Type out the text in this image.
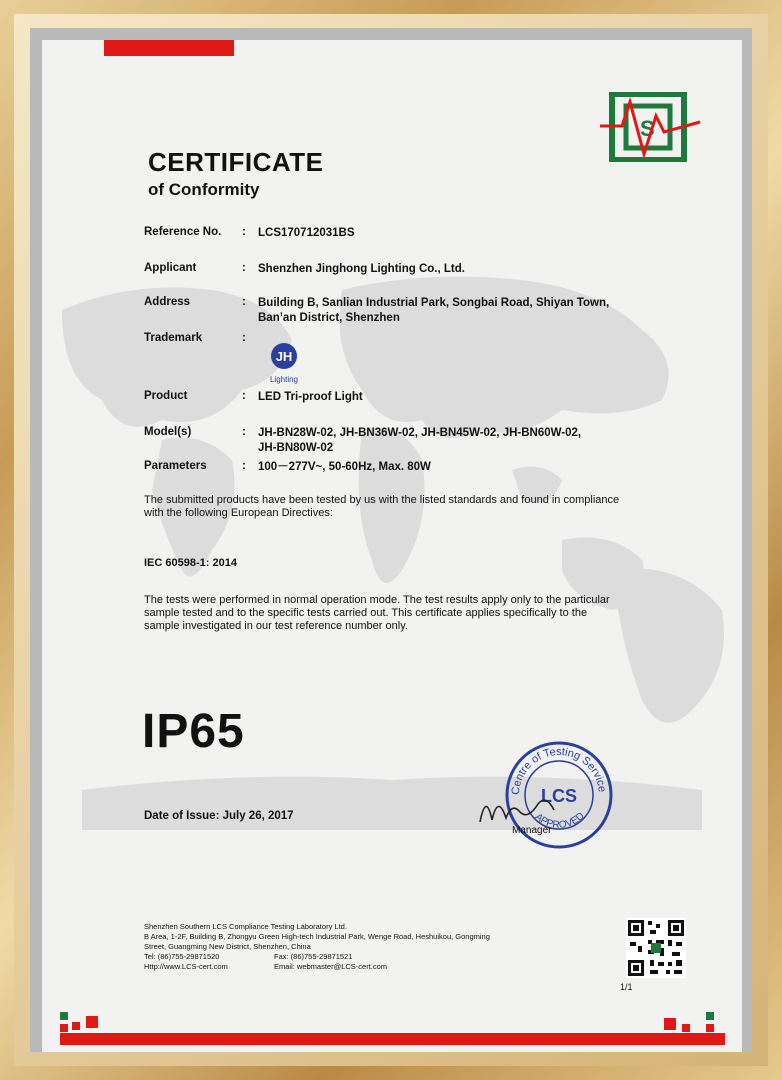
S
CERTIFICATE
of Conformity
Reference No. : LCS170712031BS
Applicant	: Shenzhen Jinghong Lighting Co., Ltd.
Address	: Building B, Sanlian Industrial Park, Songbai Road, Shiyan Town,
Ban’an District, Shenzhen
Trademark	:
JH
Lighting
Product	: LED Tri-proof Light
Model(s)	: JH-BN28W-02, JH-BN36W-02, JH-BN45W-02, JH-BN60W-02,
JH-BN80W-02
Parameters	: 100－277V~, 50-60Hz, Max. 80W
The submitted products have been tested by us with the listed standards and found in compliance with the following European Directives:
IEC 60598-1: 2014
The tests were performed in normal operation mode. The test results apply only to the particular sample tested and to the specific tests carried out. This certificate applies specifically to the sample investigated in our test reference number only.
IP65
Centre of Testing Service
APPROVED
LCS
Manager
Date of Issue: July 26, 2017
Shenzhen Southern LCS Compliance Testing Laboratory Ltd.
B Area, 1-2F, Building B, Zhongyu Green High-tech Industrial Park, Wenge Road, Heshuikou, Gongming
Street, Guangming New District, Shenzhen, China
Tel: (86)755-29871520	Fax: (86)755-29871521
Http://www.LCS-cert.com	Email: webmaster@LCS-cert.com
1/1
